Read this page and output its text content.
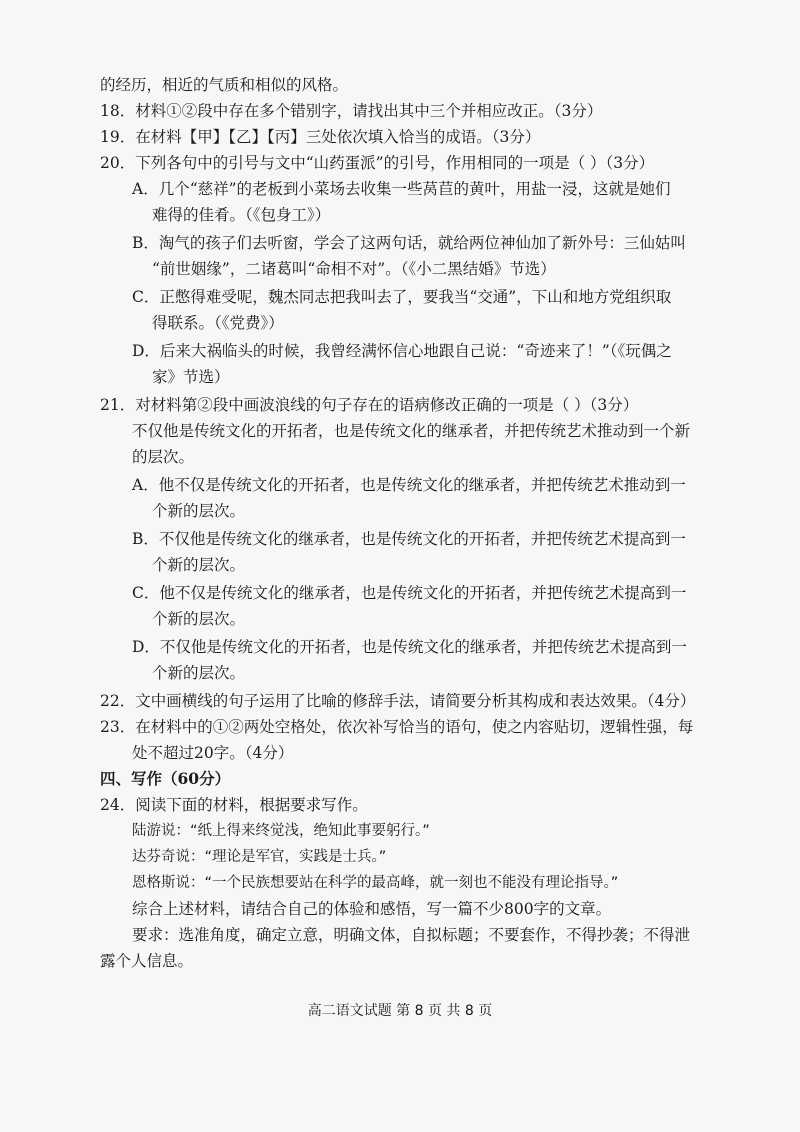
的经历，相近的气质和相似的风格。
18．材料①②段中存在多个错别字，请找出其中三个并相应改正。（3分）
19．在材料【甲】【乙】【丙】三处依次填入恰当的成语。（3分）
20．下列各句中的引号与文中“山药蛋派”的引号，作用相同的一项是（ ）（3分）
A．几个“慈祥”的老板到小菜场去收集一些莴苣的黄叶，用盐一浸，这就是她们
难得的佳肴。（《包身工》）
B．淘气的孩子们去听窗，学会了这两句话，就给两位神仙加了新外号：三仙姑叫
“前世姻缘”，二诸葛叫“命相不对”。（《小二黑结婚》节选）
C．正憋得难受呢，魏杰同志把我叫去了，要我当“交通”，下山和地方党组织取
得联系。（《党费》）
D．后来大祸临头的时候，我曾经满怀信心地跟自己说：“奇迹来了！”（《玩偶之
家》节选）
21．对材料第②段中画波浪线的句子存在的语病修改正确的一项是（ ）（3分）
不仅他是传统文化的开拓者，也是传统文化的继承者，并把传统艺术推动到一个新
的层次。
A．他不仅是传统文化的开拓者，也是传统文化的继承者，并把传统艺术推动到一
个新的层次。
B．不仅他是传统文化的继承者，也是传统文化的开拓者，并把传统艺术提高到一
个新的层次。
C．他不仅是传统文化的继承者，也是传统文化的开拓者，并把传统艺术提高到一
个新的层次。
D．不仅他是传统文化的开拓者，也是传统文化的继承者，并把传统艺术提高到一
个新的层次。
22．文中画横线的句子运用了比喻的修辞手法，请简要分析其构成和表达效果。（4分）
23．在材料中的①②两处空格处，依次补写恰当的语句，使之内容贴切，逻辑性强，每
处不超过20字。（4分）
四、写作（60分）
24．阅读下面的材料，根据要求写作。
陆游说：“纸上得来终觉浅，绝知此事要躬行。”
达芬奇说：“理论是军官，实践是士兵。”
恩格斯说：“一个民族想要站在科学的最高峰，就一刻也不能没有理论指导。”
综合上述材料，请结合自己的体验和感悟，写一篇不少800字的文章。
要求：选准角度，确定立意，明确文体，自拟标题；不要套作，不得抄袭；不得泄
露个人信息。
高二语文试题 第 8 页 共 8 页
